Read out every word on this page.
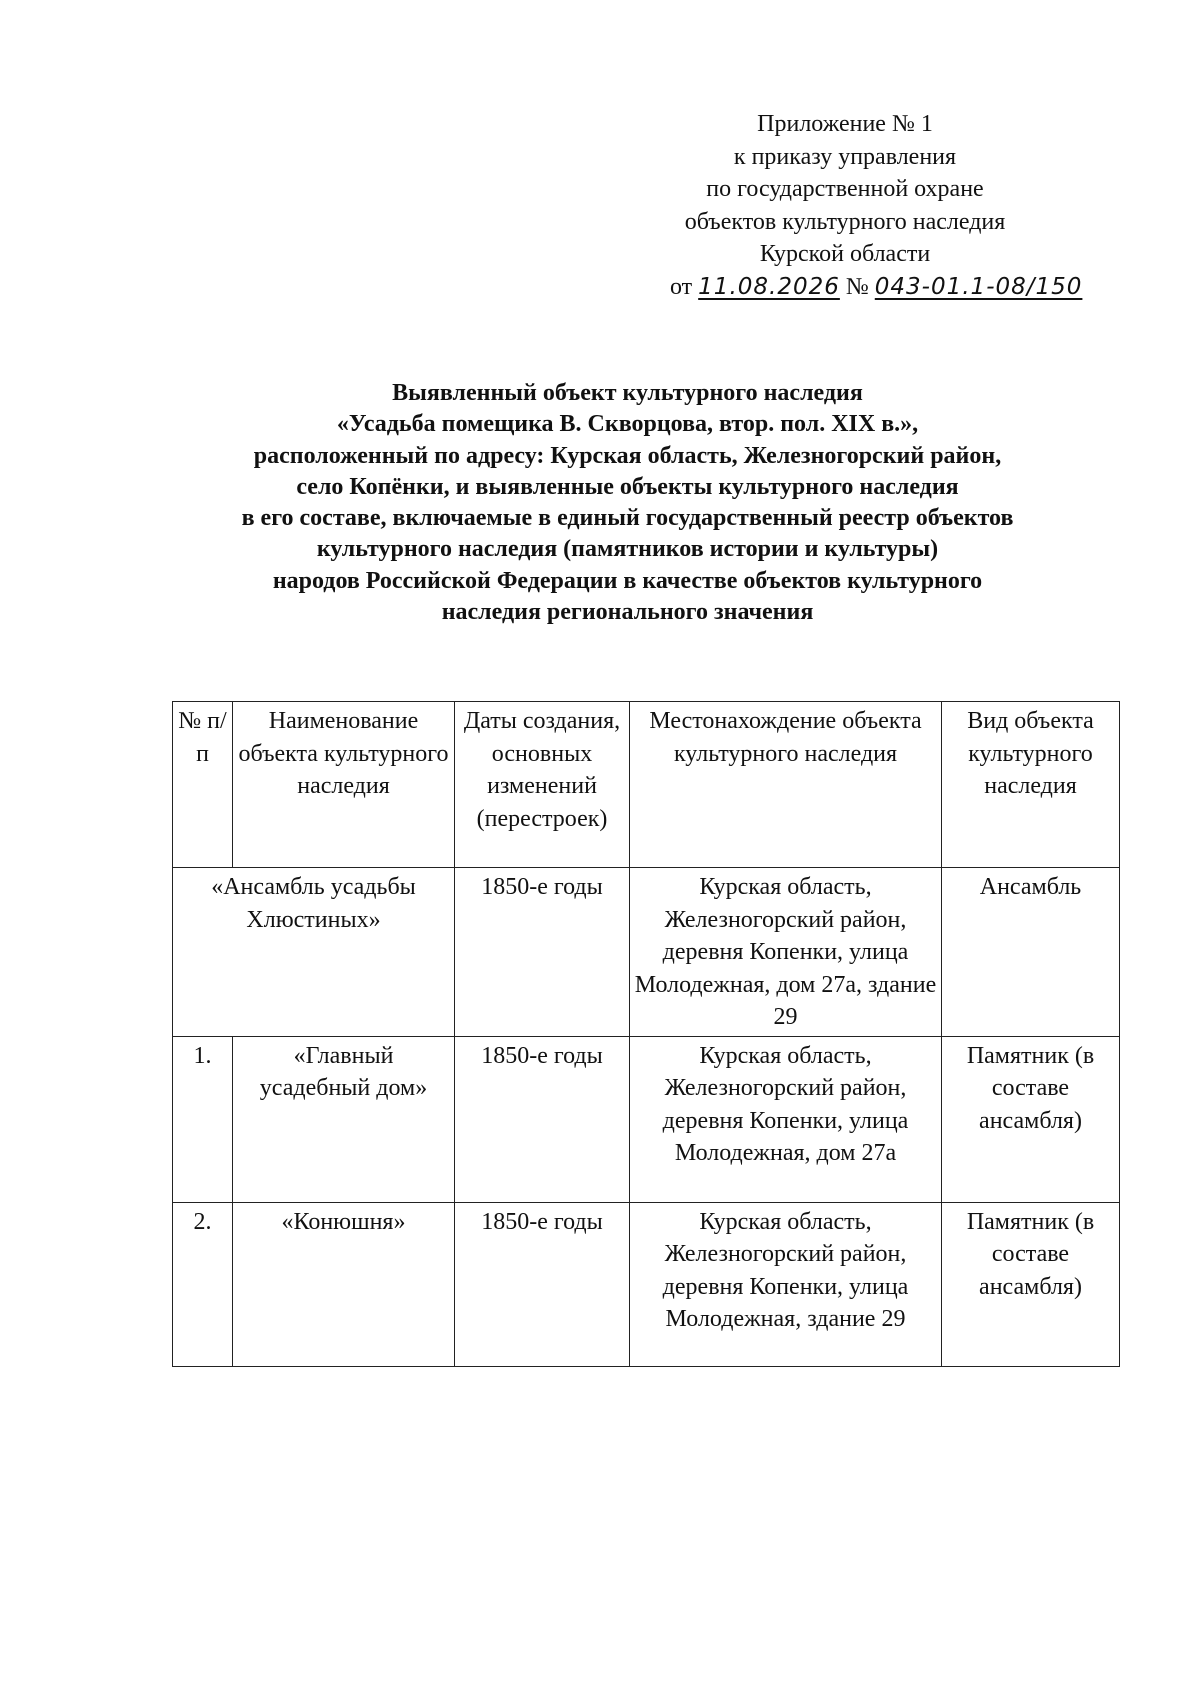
Приложение № 1
к приказу управления
по государственной охране
объектов культурного наследия
Курской области
от 11.08.2026 № 043-01.1-08/150
Выявленный объект культурного наследия
«Усадьба помещика В. Скворцова, втор. пол. XIX в.»,
расположенный по адресу: Курская область, Железногорский район,
село Копёнки, и выявленные объекты культурного наследия
в его составе, включаемые в единый государственный реестр объектов
культурного наследия (памятников истории и культуры)
народов Российской Федерации в качестве объектов культурного
наследия регионального значения
№ п/п	Наименование объекта культурного наследия	Даты создания, основных изменений (перестроек)	Местонахождение объекта культурного наследия	Вид объекта культурного наследия
«Ансамбль усадьбы Хлюстиных»		1850-е годы	Курская область, Железногорский район, деревня Копенки, улица Молодежная, дом 27а, здание 29	Ансамбль
1.	«Главный усадебный дом»	1850-е годы	Курская область, Железногорский район, деревня Копенки, улица Молодежная, дом 27а	Памятник (в составе ансамбля)
2.	«Конюшня»	1850-е годы	Курская область, Железногорский район, деревня Копенки, улица Молодежная, здание 29	Памятник (в составе ансамбля)
